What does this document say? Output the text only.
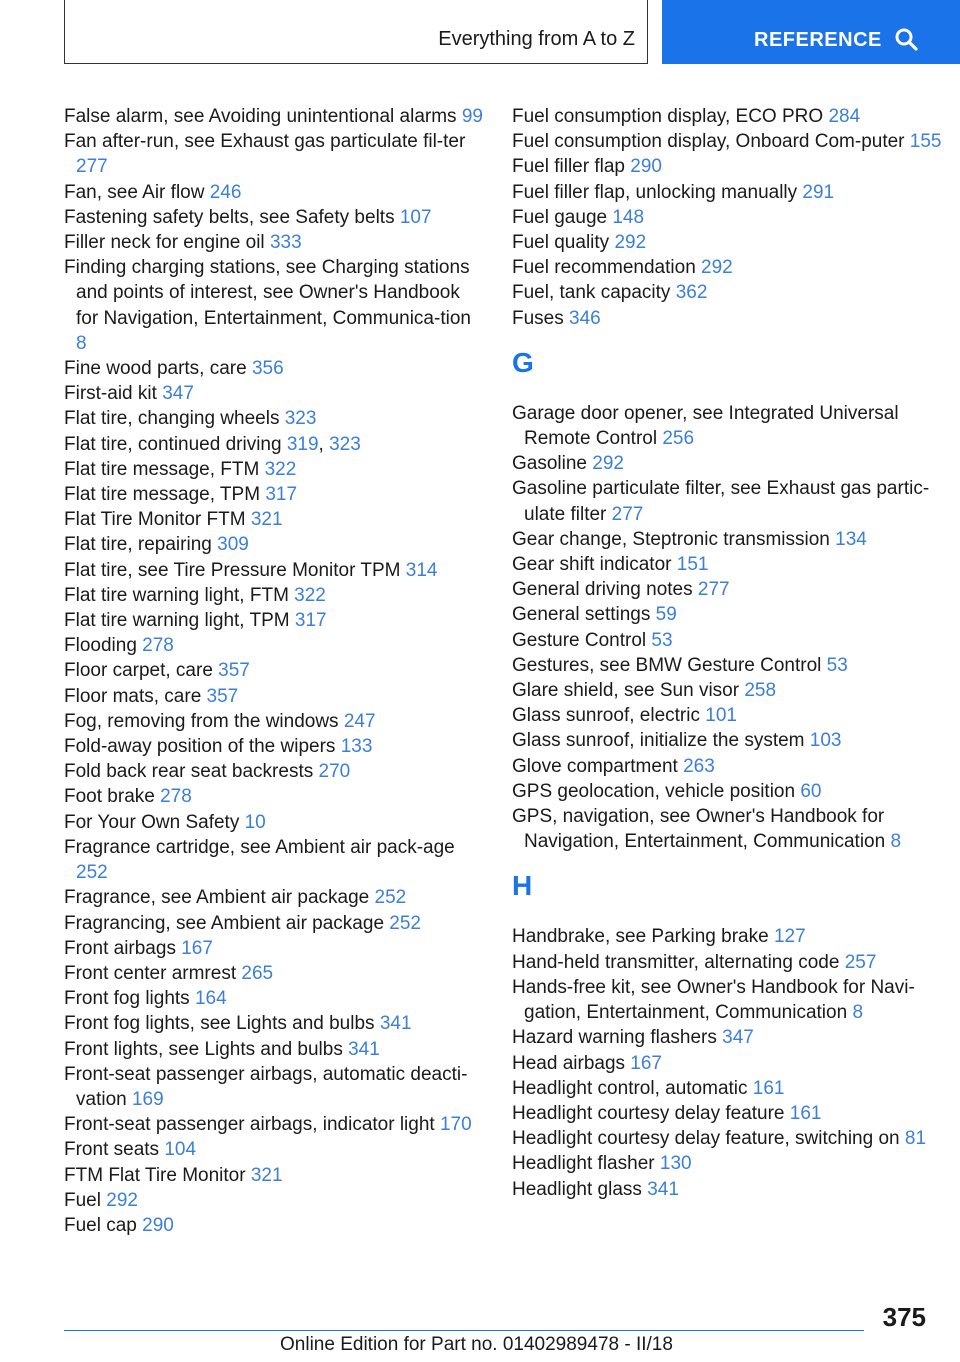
Everything from A to Z	REFERENCE
False alarm, see Avoiding unintentional alarms 99
Fan after-run, see Exhaust gas particulate fil-ter 277
Fan, see Air flow 246
Fastening safety belts, see Safety belts 107
Filler neck for engine oil 333
Finding charging stations, see Charging stations and points of interest, see Owner's Handbook for Navigation, Entertainment, Communica-tion 8
Fine wood parts, care 356
First-aid kit 347
Flat tire, changing wheels 323
Flat tire, continued driving 319, 323
Flat tire message, FTM 322
Flat tire message, TPM 317
Flat Tire Monitor FTM 321
Flat tire, repairing 309
Flat tire, see Tire Pressure Monitor TPM 314
Flat tire warning light, FTM 322
Flat tire warning light, TPM 317
Flooding 278
Floor carpet, care 357
Floor mats, care 357
Fog, removing from the windows 247
Fold-away position of the wipers 133
Fold back rear seat backrests 270
Foot brake 278
For Your Own Safety 10
Fragrance cartridge, see Ambient air pack-age 252
Fragrance, see Ambient air package 252
Fragrancing, see Ambient air package 252
Front airbags 167
Front center armrest 265
Front fog lights 164
Front fog lights, see Lights and bulbs 341
Front lights, see Lights and bulbs 341
Front-seat passenger airbags, automatic deacti-vation 169
Front-seat passenger airbags, indicator light 170
Front seats 104
FTM Flat Tire Monitor 321
Fuel 292
Fuel cap 290
Fuel consumption display, ECO PRO 284
Fuel consumption display, Onboard Com-puter 155
Fuel filler flap 290
Fuel filler flap, unlocking manually 291
Fuel gauge 148
Fuel quality 292
Fuel recommendation 292
Fuel, tank capacity 362
Fuses 346
G
Garage door opener, see Integrated Universal Remote Control 256
Gasoline 292
Gasoline particulate filter, see Exhaust gas partic-ulate filter 277
Gear change, Steptronic transmission 134
Gear shift indicator 151
General driving notes 277
General settings 59
Gesture Control 53
Gestures, see BMW Gesture Control 53
Glare shield, see Sun visor 258
Glass sunroof, electric 101
Glass sunroof, initialize the system 103
Glove compartment 263
GPS geolocation, vehicle position 60
GPS, navigation, see Owner's Handbook for Navigation, Entertainment, Communication 8
H
Handbrake, see Parking brake 127
Hand-held transmitter, alternating code 257
Hands-free kit, see Owner's Handbook for Navi-gation, Entertainment, Communication 8
Hazard warning flashers 347
Head airbags 167
Headlight control, automatic 161
Headlight courtesy delay feature 161
Headlight courtesy delay feature, switching on 81
Headlight flasher 130
Headlight glass 341
375
Online Edition for Part no. 01402989478 - II/18
